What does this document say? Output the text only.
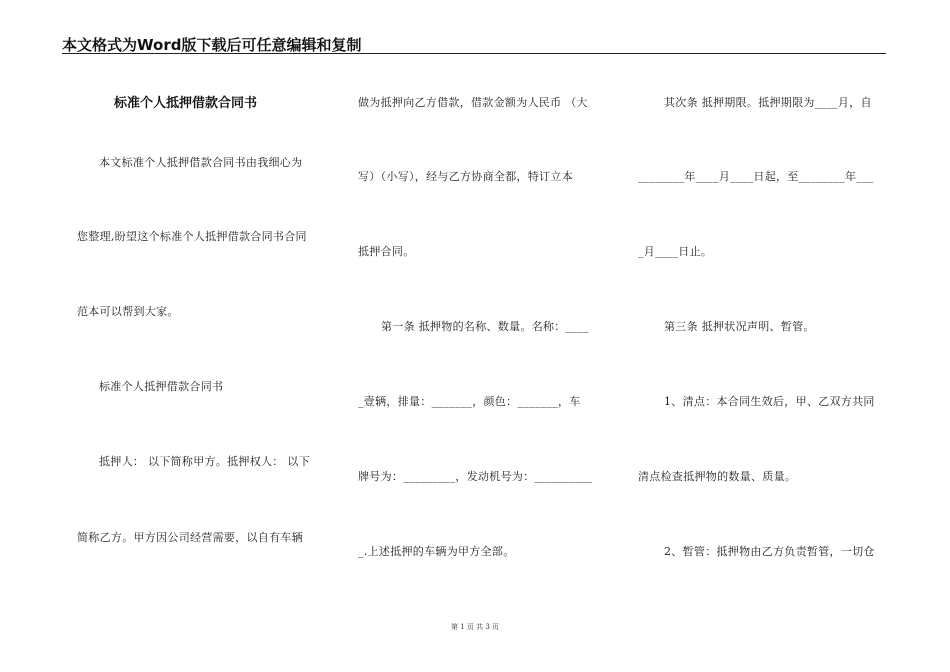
本文格式为Word版下载后可任意编辑和复制
标准个人抵押借款合同书
本文标准个人抵押借款合同书由我细心为
您整理,盼望这个标准个人抵押借款合同书合同
范本可以帮到大家。
标准个人抵押借款合同书
抵押人： 以下简称甲方。抵押权人： 以下
简称乙方。甲方因公司经营需要，以自有车辆
做为抵押向乙方借款，借款金额为人民币 （大
写）（小写），经与乙方协商全都，特订立本
抵押合同。
第一条 抵押物的名称、数量。名称：____
_壹辆，排量：_______，颜色：_______，车
牌号为：_________，发动机号为：__________
_.上述抵押的车辆为甲方全部。
其次条 抵押期限。抵押期限为____月，自
________年____月____日起，至________年___
_月____日止。
第三条 抵押状况声明、暂管。
1、清点：本合同生效后，甲、乙双方共同
清点检查抵押物的数量、质量。
2、暂管：抵押物由乙方负责暂管，一切仓
第 1 页 共 3 页
